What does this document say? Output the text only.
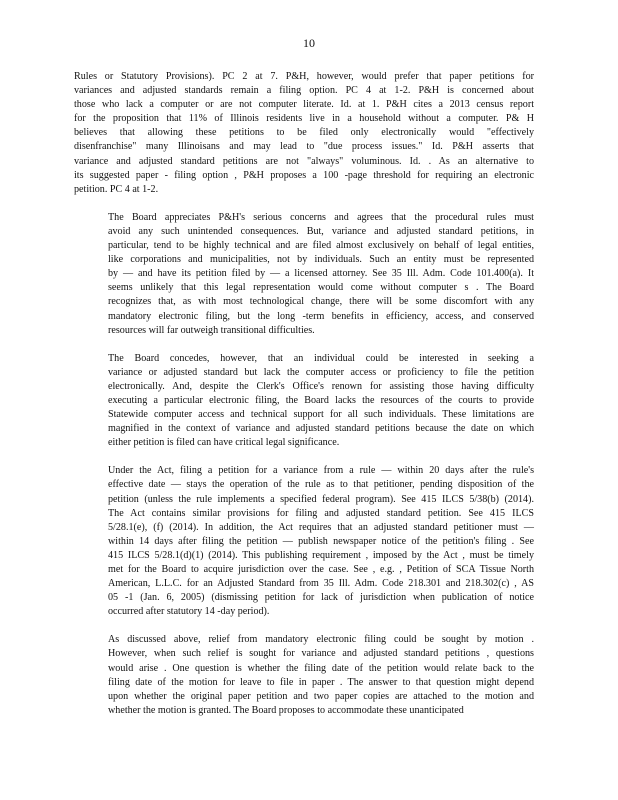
10
Rules or Statutory Provisions). PC 2 at 7. P&H, however, would prefer that paper petitions for
variances and adjusted standards remain a filing option. PC 4 at 1-2. P&H is concerned about
those who lack a computer or are not computer literate. Id. at 1. P&H cites a 2013 census report
for the proposition that 11% of Illinois residents live in a household without a computer. P& H
believes that allowing these petitions to be filed only electronically would "effectively
disenfranchise" many Illinoisans and may lead to "due process issues." Id. P&H asserts that
variance and adjusted standard petitions are not "always" voluminous. Id. . As an alternative to
its suggested paper - filing option , P&H proposes a 100 -page threshold for requiring an electronic
petition. PC 4 at 1-2.
The Board appreciates P&H's serious concerns and agrees that the procedural rules must
avoid any such unintended consequences. But, variance and adjusted standard petitions, in
particular, tend to be highly technical and are filed almost exclusively on behalf of legal entities,
like corporations and municipalities, not by individuals. Such an entity must be represented
by — and have its petition filed by — a licensed attorney. See 35 Ill. Adm. Code 101.400(a). It
seems unlikely that this legal representation would come without computer s . The Board
recognizes that, as with most technological change, there will be some discomfort with any
mandatory electronic filing, but the long -term benefits in efficiency, access, and conserved
resources will far outweigh transitional difficulties.
The Board concedes, however, that an individual could be interested in seeking a
variance or adjusted standard but lack the computer access or proficiency to file the petition
electronically. And, despite the Clerk's Office's renown for assisting those having difficulty
executing a particular electronic filing, the Board lacks the resources of the courts to provide
Statewide computer access and technical support for all such individuals. These limitations are
magnified in the context of variance and adjusted standard petitions because the date on which
either petition is filed can have critical legal significance.
Under the Act, filing a petition for a variance from a rule — within 20 days after the rule's
effective date — stays the operation of the rule as to that petitioner, pending disposition of the
petition (unless the rule implements a specified federal program). See 415 ILCS 5/38(b) (2014).
The Act contains similar provisions for filing and adjusted standard petition. See 415 ILCS
5/28.1(e), (f) (2014). In addition, the Act requires that an adjusted standard petitioner must —
within 14 days after filing the petition — publish newspaper notice of the petition's filing . See
415 ILCS 5/28.1(d)(1) (2014). This publishing requirement , imposed by the Act , must be timely
met for the Board to acquire jurisdiction over the case. See , e.g. , Petition of SCA Tissue North
American, L.L.C. for an Adjusted Standard from 35 Ill. Adm. Code 218.301 and 218.302(c) , AS
05 -1 (Jan. 6, 2005) (dismissing petition for lack of jurisdiction when publication of notice
occurred after statutory 14 -day period).
As discussed above, relief from mandatory electronic filing could be sought by motion .
However, when such relief is sought for variance and adjusted standard petitions , questions
would arise . One question is whether the filing date of the petition would relate back to the
filing date of the motion for leave to file in paper . The answer to that question might depend
upon whether the original paper petition and two paper copies are attached to the motion and
whether the motion is granted. The Board proposes to accommodate these unanticipated
